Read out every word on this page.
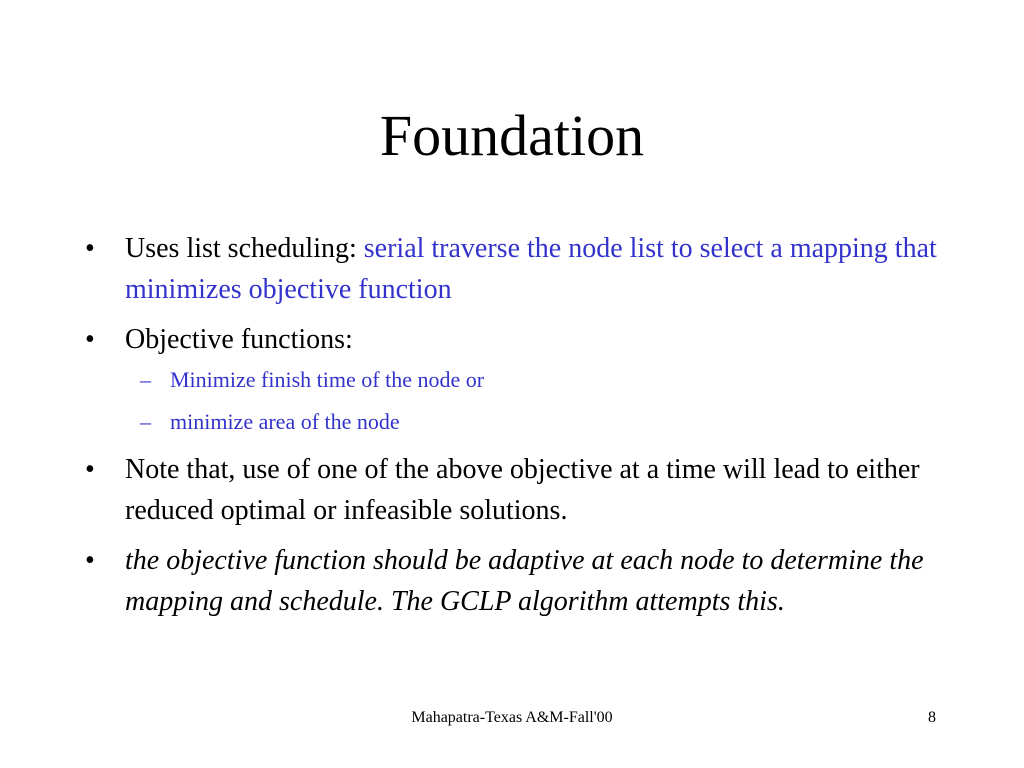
Foundation
• Uses list scheduling: serial traverse the node list to select a mapping that minimizes objective function
• Objective functions:
– Minimize finish time of the node or
– minimize area of the node
• Note that, use of one of the above objective at a time will lead to either reduced optimal or infeasible solutions.
• the objective function should be adaptive at each node to determine the mapping and schedule. The GCLP algorithm attempts this.
Mahapatra-Texas A&M-Fall'00	8
